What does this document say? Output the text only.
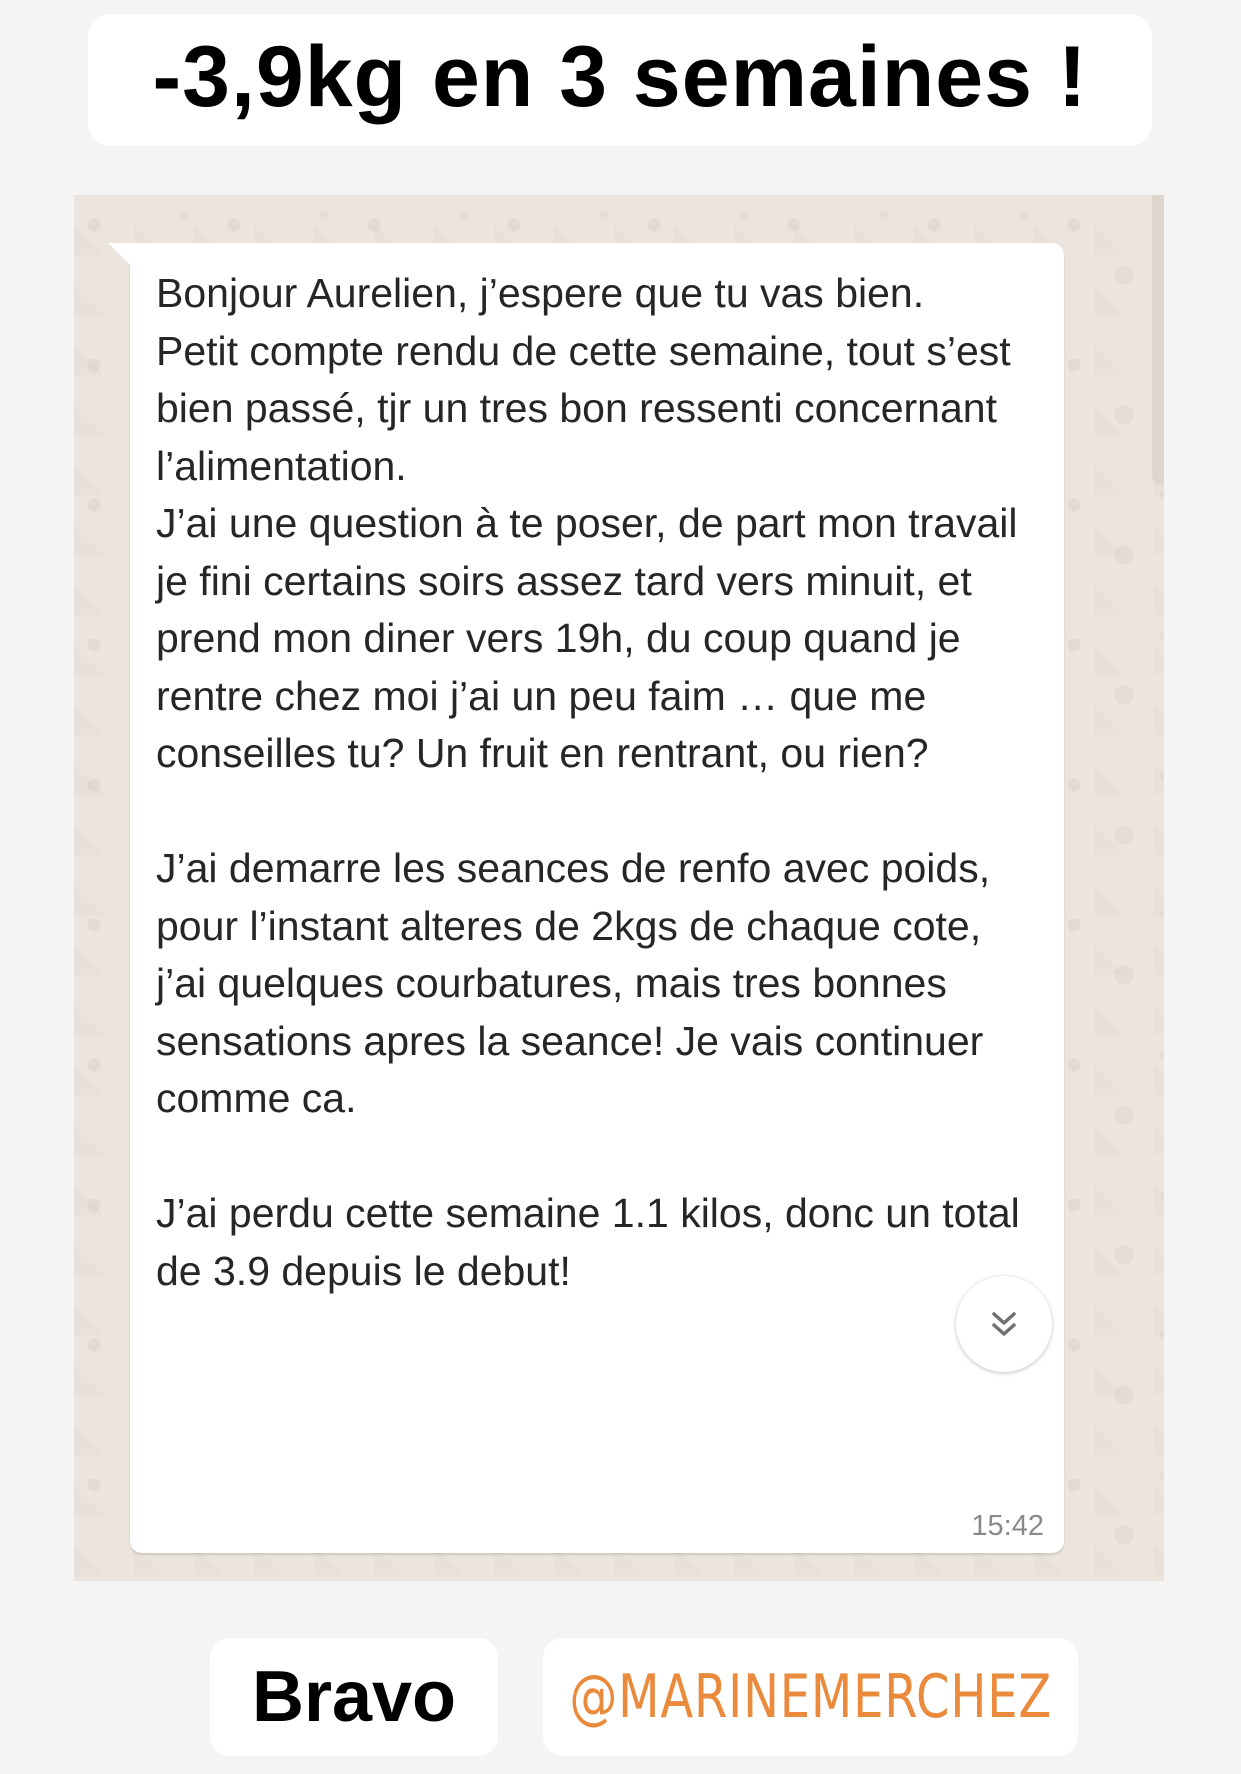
-3,9kg en 3 semaines !

Bonjour Aurelien, j’espere que tu vas bien.
Petit compte rendu de cette semaine, tout s’est bien passé, tjr un tres bon ressenti concernant l’alimentation.
J’ai une question à te poser, de part mon travail je fini certains soirs assez tard vers minuit, et prend mon diner vers 19h, du coup quand je rentre chez moi j’ai un peu faim … que me conseilles tu? Un fruit en rentrant, ou rien?

J’ai demarre les seances de renfo avec poids, pour l’instant alteres de 2kgs de chaque cote, j’ai quelques courbatures, mais tres bonnes sensations apres la seance! Je vais continuer comme ca.

J’ai perdu cette semaine 1.1 kilos, donc un total de 3.9 depuis le debut!

15:42
Bravo @MARINEMERCHEZ
